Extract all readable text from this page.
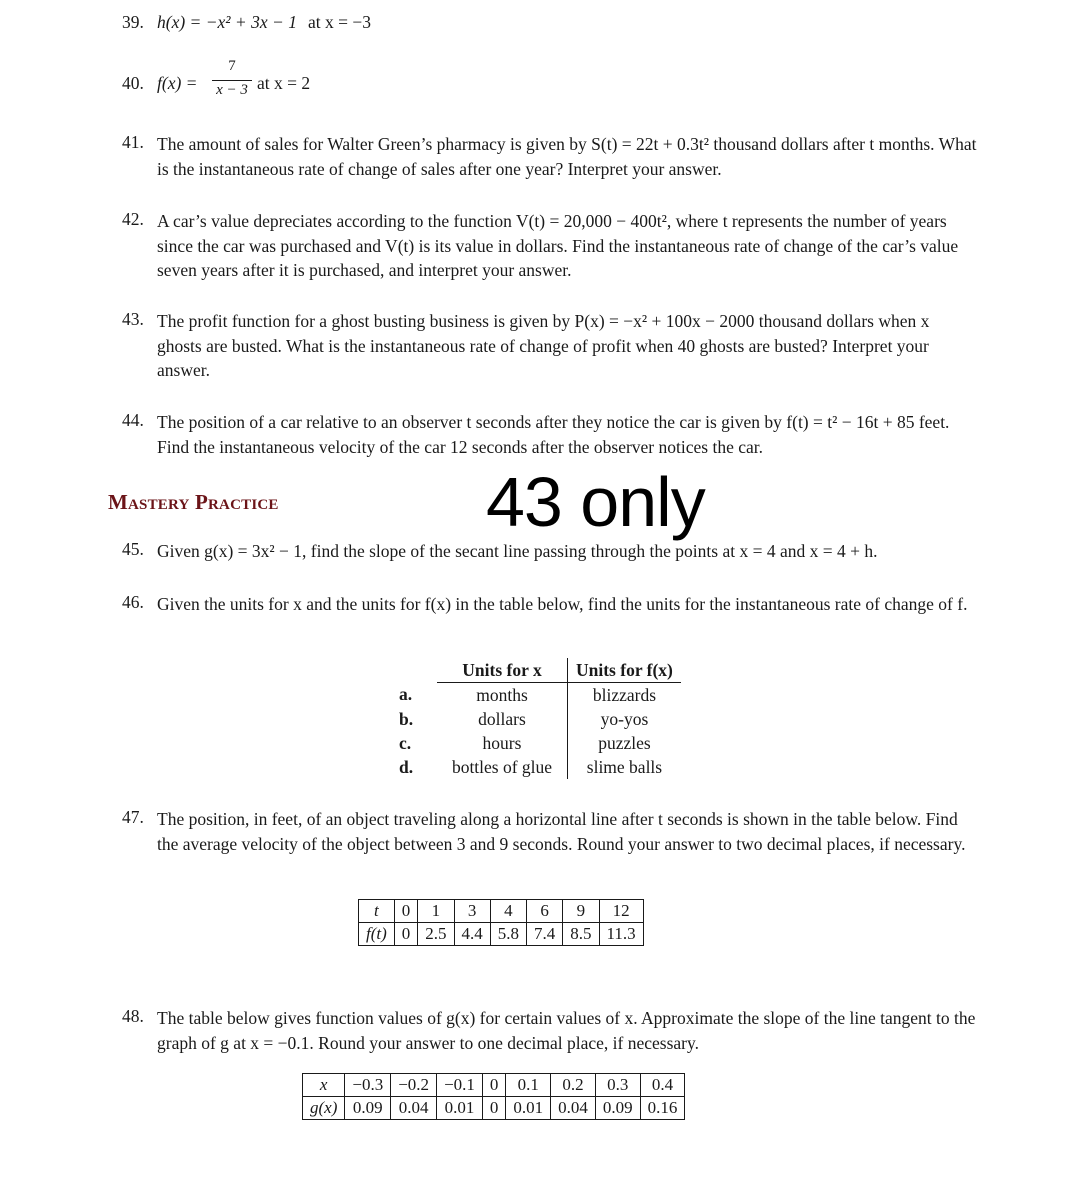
39. h(x) = −x² + 3x − 1 at x = −3
40. f(x) =
7
x − 3 at x = 2
41. The amount of sales for Walter Green’s pharmacy is given by S(t) = 22t + 0.3t² thousand dollars after t months. What is the instantaneous rate of change of sales after one year? Interpret your answer.
42. A car’s value depreciates according to the function V(t) = 20,000 − 400t², where t represents the number of years since the car was purchased and V(t) is its value in dollars. Find the instantaneous rate of change of the car’s value seven years after it is purchased, and interpret your answer.
43. The profit function for a ghost busting business is given by P(x) = −x² + 100x − 2000 thousand dollars when x ghosts are busted. What is the instantaneous rate of change of profit when 40 ghosts are busted? Interpret your answer.
44. The position of a car relative to an observer t seconds after they notice the car is given by f(t) = t² − 16t + 85 feet. Find the instantaneous velocity of the car 12 seconds after the observer notices the car.
Mastery Practice	43 only
45. Given g(x) = 3x² − 1, find the slope of the secant line passing through the points at x = 4 and x = 4 + h.
46. Given the units for x and the units for f(x) in the table below, find the units for the instantaneous rate of change of f.
	Units for x	Units for f(x)
a.	months	blizzards
b.	dollars	yo-yos
c.	hours	puzzles
d.	bottles of glue	slime balls
47. The position, in feet, of an object traveling along a horizontal line after t seconds is shown in the table below. Find the average velocity of the object between 3 and 9 seconds. Round your answer to two decimal places, if necessary.
t	0	1	3	4	6	9	12
f(t)	0	2.5	4.4	5.8	7.4	8.5	11.3
48. The table below gives function values of g(x) for certain values of x. Approximate the slope of the line tangent to the graph of g at x = −0.1. Round your answer to one decimal place, if necessary.
x	−0.3	−0.2	−0.1	0	0.1	0.2	0.3	0.4
g(x)	0.09	0.04	0.01	0	0.01	0.04	0.09	0.16
